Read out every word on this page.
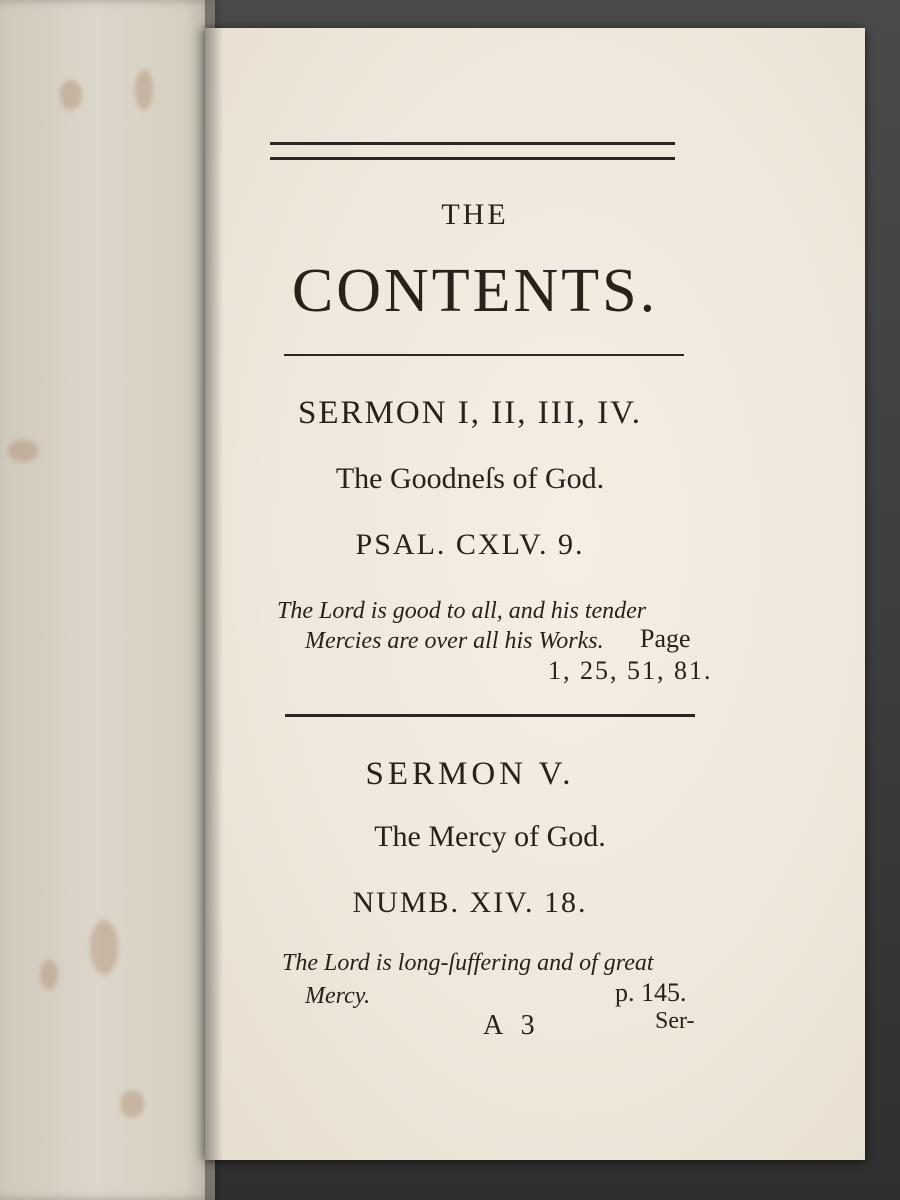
THE
CONTENTS.
SERMON I, II, III, IV.
The Goodneſs of God.
PSAL. CXLV. 9.
The Lord is good to all, and his tender
Mercies are over all his Works. Page
1, 25, 51, 81.
SERMON V.
The Mercy of God.
NUMB. XIV. 18.
The Lord is long-ſuffering and of great
Mercy.	p. 145.
A 3	Ser-
